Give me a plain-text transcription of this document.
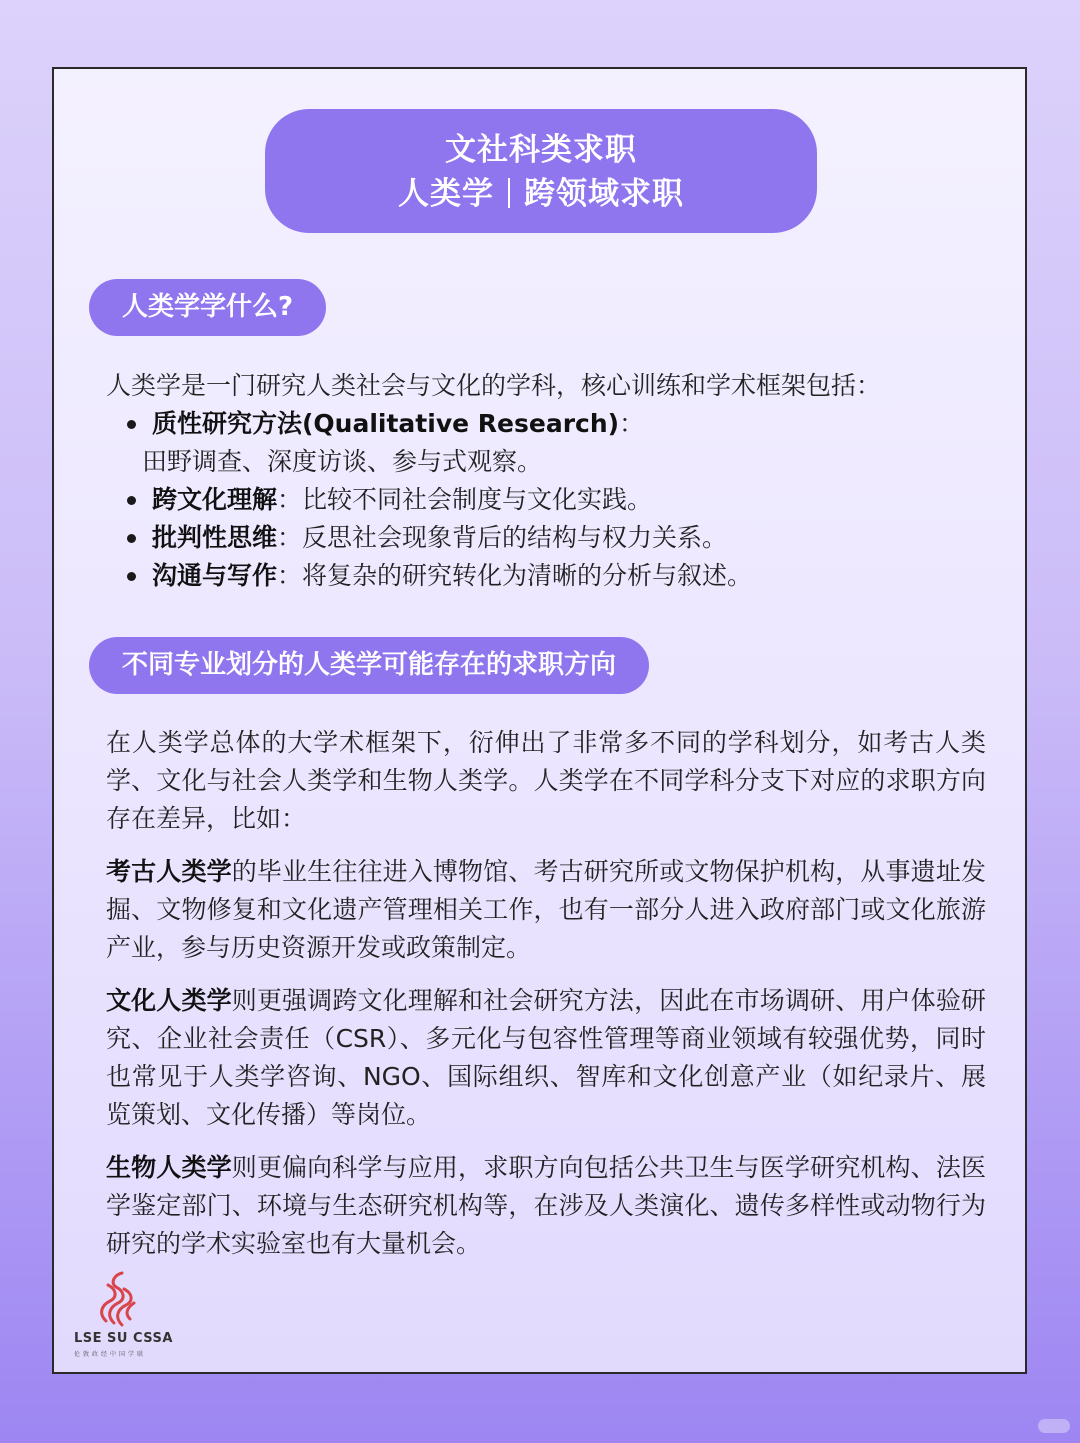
文社科类求职
人类学 跨领域求职
人类学学什么?
人类学是一门研究人类社会与文化的学科，核心训练和学术框架包括：
质性研究方法(Qualitative Research)：
田野调查、深度访谈、参与式观察。
跨文化理解：比较不同社会制度与文化实践。
批判性思维：反思社会现象背后的结构与权力关系。
沟通与写作：将复杂的研究转化为清晰的分析与叙述。
不同专业划分的人类学可能存在的求职方向

在人类学总体的大学术框架下，衍伸出了非常多不同的学科划分，如考古人类学、文化与社会人类学和生物人类学。人类学在不同学科分支下对应的求职方向存在差异，比如：

考古人类学的毕业生往往进入博物馆、考古研究所或文物保护机构，从事遗址发掘、文物修复和文化遗产管理相关工作，也有一部分人进入政府部门或文化旅游产业，参与历史资源开发或政策制定。

文化人类学则更强调跨文化理解和社会研究方法，因此在市场调研、用户体验研究、企业社会责任（CSR）、多元化与包容性管理等商业领域有较强优势，同时也常见于人类学咨询、NGO、国际组织、智库和文化创意产业（如纪录片、展览策划、文化传播）等岗位。

生物人类学则更偏向科学与应用，求职方向包括公共卫生与医学研究机构、法医学鉴定部门、环境与生态研究机构等，在涉及人类演化、遗传多样性或动物行为研究的学术实验室也有大量机会。

LSE SU CSSA
伦敦政经中国学联
